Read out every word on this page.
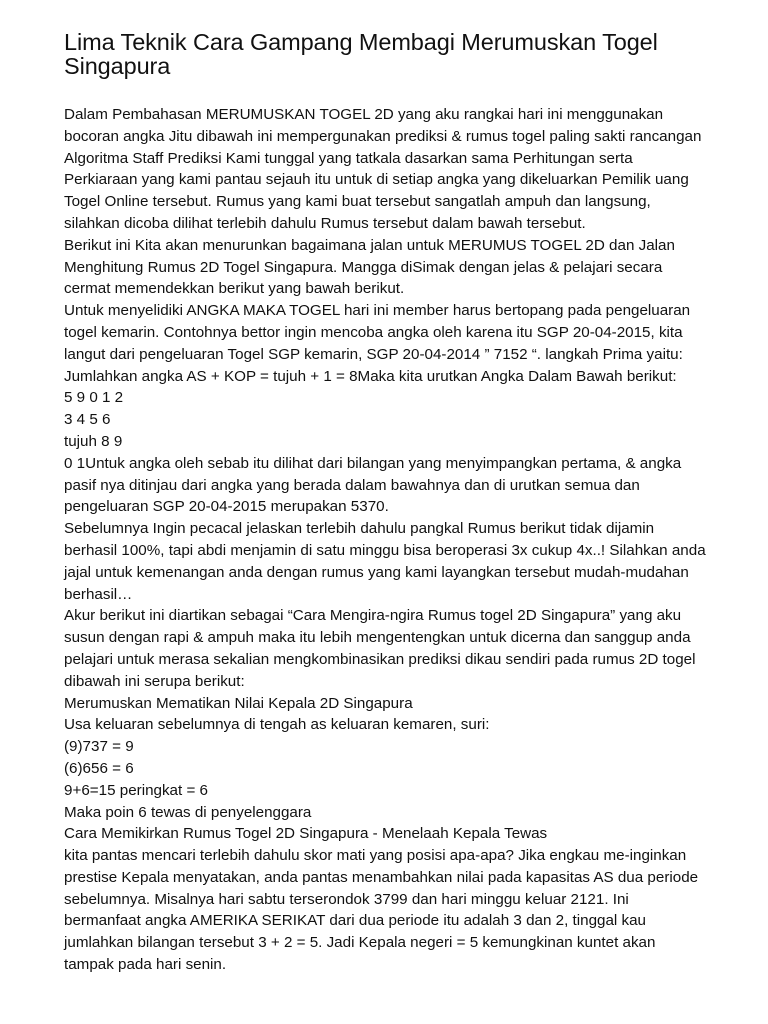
Lima Teknik Cara Gampang Membagi Merumuskan Togel Singapura

Dalam Pembahasan MERUMUSKAN TOGEL 2D yang aku rangkai hari ini menggunakan bocoran angka Jitu dibawah ini mempergunakan prediksi & rumus togel paling sakti rancangan Algoritma Staff Prediksi Kami tunggal yang tatkala dasarkan sama Perhitungan serta Perkiaraan yang kami pantau sejauh itu untuk di setiap angka yang dikeluarkan Pemilik uang Togel Online tersebut. Rumus yang kami buat tersebut sangatlah ampuh dan langsung, silahkan dicoba dilihat terlebih dahulu Rumus tersebut dalam bawah tersebut.

Berikut ini Kita akan menurunkan bagaimana jalan untuk MERUMUS TOGEL 2D dan Jalan Menghitung Rumus 2D Togel Singapura. Mangga diSimak dengan jelas & pelajari secara cermat memendekkan berikut yang bawah berikut.

Untuk menyelidiki ANGKA MAKA TOGEL hari ini member harus bertopang pada pengeluaran togel kemarin. Contohnya bettor ingin mencoba angka oleh karena itu SGP 20-04-2015, kita langut dari pengeluaran Togel SGP kemarin, SGP 20-04-2014 ” 7152 “. langkah Prima yaitu: Jumlahkan angka AS + KOP = tujuh + 1 = 8Maka kita urutkan Angka Dalam Bawah berikut:

5 9 0 1 2

3 4 5 6

tujuh 8 9

0 1Untuk angka oleh sebab itu dilihat dari bilangan yang menyimpangkan pertama, & angka pasif nya ditinjau dari angka yang berada dalam bawahnya dan di urutkan semua dan pengeluaran SGP 20-04-2015 merupakan 5370.

Sebelumnya Ingin pecacal jelaskan terlebih dahulu pangkal Rumus berikut tidak dijamin berhasil 100%, tapi abdi menjamin di satu minggu bisa beroperasi 3x cukup 4x..! Silahkan anda jajal untuk kemenangan anda dengan rumus yang kami layangkan tersebut mudah-mudahan berhasil…

Akur berikut ini diartikan sebagai “Cara Mengira-ngira Rumus togel 2D Singapura” yang aku susun dengan rapi & ampuh maka itu lebih mengentengkan untuk dicerna dan sanggup anda pelajari untuk merasa sekalian mengkombinasikan prediksi dikau sendiri pada rumus 2D togel dibawah ini serupa berikut:

Merumuskan Mematikan Nilai Kepala 2D Singapura

Usa keluaran sebelumnya di tengah as keluaran kemaren, suri:

(9)737 = 9

(6)656 = 6

9+6=15 peringkat = 6

Maka poin 6 tewas di penyelenggara

Cara Memikirkan Rumus Togel 2D Singapura - Menelaah Kepala Tewas

kita pantas mencari terlebih dahulu skor mati yang posisi apa-apa? Jika engkau me-inginkan prestise Kepala menyatakan, anda pantas menambahkan nilai pada kapasitas AS dua periode sebelumnya. Misalnya hari sabtu terserondok 3799 dan hari minggu keluar 2121. Ini bermanfaat angka AMERIKA SERIKAT dari dua periode itu adalah 3 dan 2, tinggal kau jumlahkan bilangan tersebut 3 + 2 = 5. Jadi Kepala negeri = 5 kemungkinan kuntet akan tampak pada hari senin.
